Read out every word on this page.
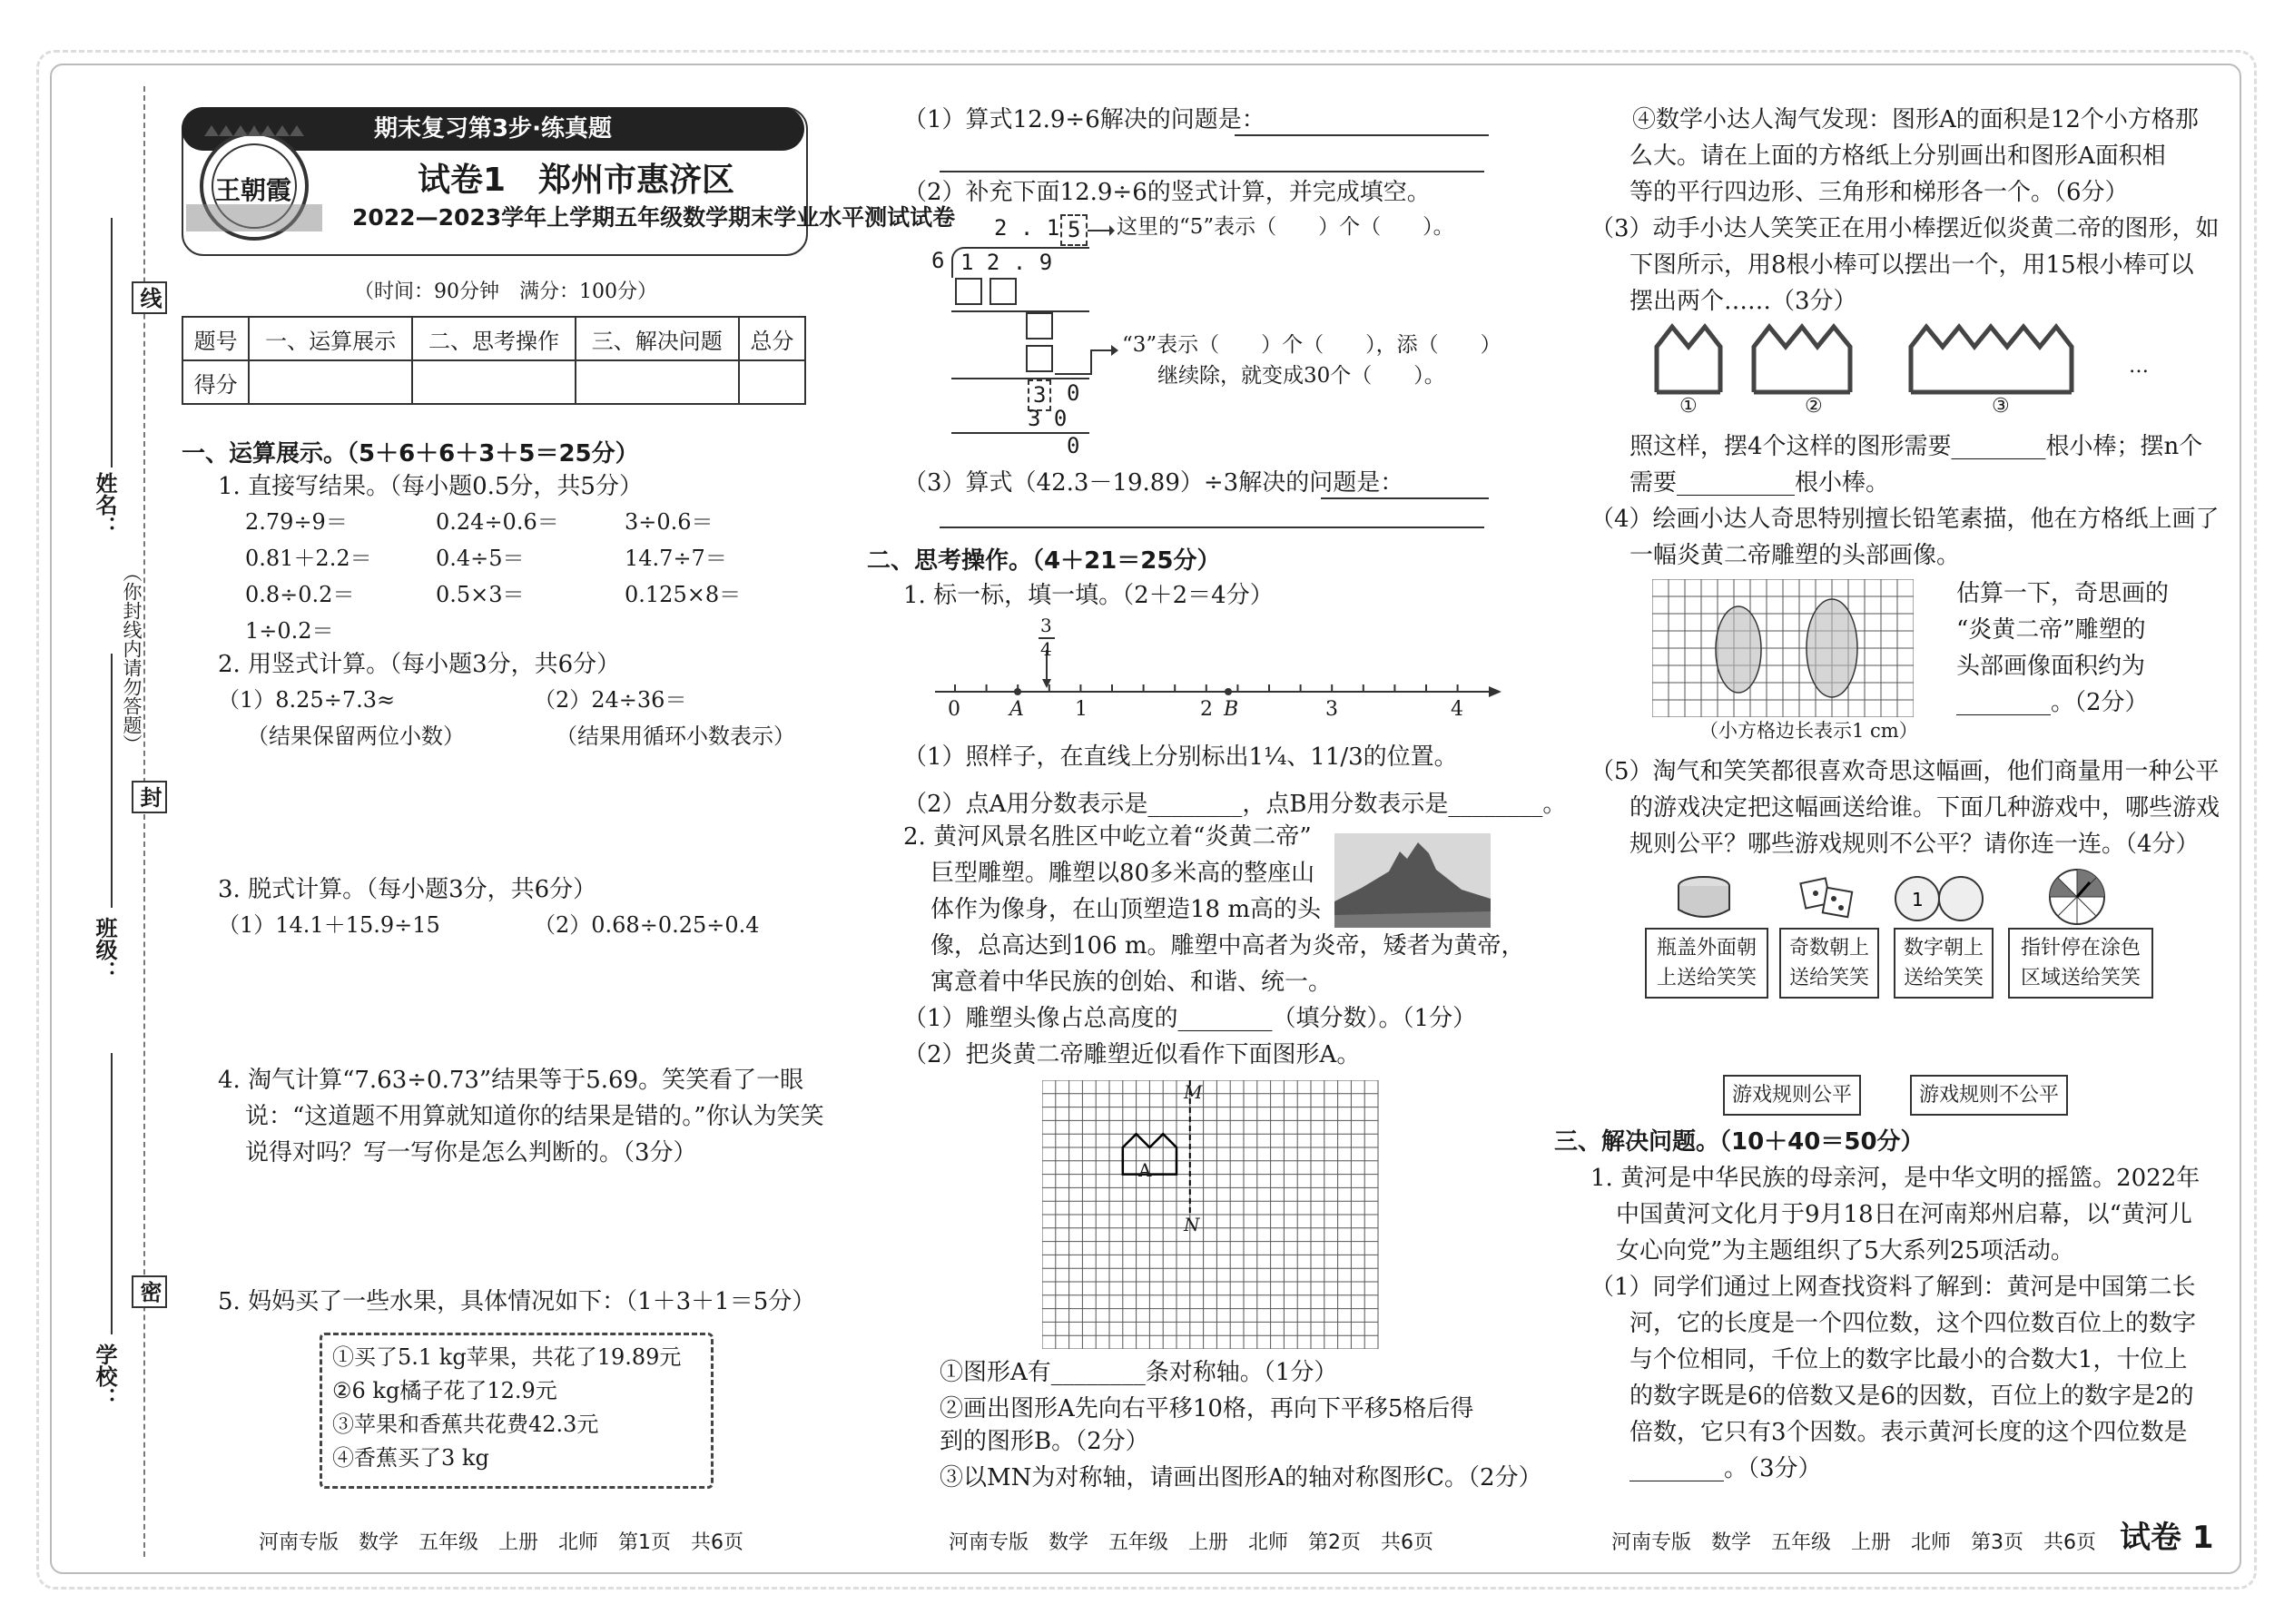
线
封
密
（你封线内请勿答题）
姓名：
班级：
学校：
期末复习第3步·练真题
王朝霞	试卷1　郑州市惠济区
2022—2023学年上学期五年级数学期末学业水平测试试卷
（时间：90分钟　满分：100分）
题号	一、运算展示	二、思考操作	三、解决问题	总分
得分				
一、运算展示。（5＋6＋6＋3＋5＝25分）
1. 直接写结果。（每小题0.5分，共5分）
2.79÷9＝	0.24÷0.6＝	3÷0.6＝
0.81＋2.2＝	0.4÷5＝	14.7÷7＝
0.8÷0.2＝	0.5×3＝	0.125×8＝
1÷0.2＝
2. 用竖式计算。（每小题3分，共6分）
（1）8.25÷7.3≈
（结果保留两位小数）
（2）24÷36＝
（结果用循环小数表示）
3. 脱式计算。（每小题3分，共6分）
（1）14.1＋15.9÷15	（2）0.68÷0.25÷0.4
4. 淘气计算“7.63÷0.73”结果等于5.69。笑笑看了一眼
说：“这道题不用算就知道你的结果是错的。”你认为笑笑
说得对吗？写一写你是怎么判断的。（3分）
5. 妈妈买了一些水果，具体情况如下：（1＋3＋1＝5分）
①买了5.1 kg苹果，共花了19.89元
②6 kg橘子花了12.9元
③苹果和香蕉共花费42.3元
④香蕉买了3 kg
河南专版　数学　五年级　上册　北师　第1页　共6页
（1）算式12.9÷6解决的问题是：
（2）补充下面12.9÷6的竖式计算，并完成填空。
2 . 1 5	这里的“5”表示（　　）个（　　）。
6 1 2 . 9
“3”表示（　　）个（　　），添（　　）
继续除，就变成30个（　　）。
3 0
3 0
0
（3）算式（42.3－19.89）÷3解决的问题是：
二、思考操作。（4＋21＝25分）
1. 标一标，填一填。（2＋2＝4分）
3
4
0 A	1	2 B	3	4
（1）照样子，在直线上分别标出1¼、11/3的位置。
（2）点A用分数表示是________，点B用分数表示是________。
2. 黄河风景名胜区中屹立着“炎黄二帝”
巨型雕塑。雕塑以80多米高的整座山
体作为像身，在山顶塑造18 m高的头
像，总高达到106 m。雕塑中高者为炎帝，矮者为黄帝，
寓意着中华民族的创始、和谐、统一。
（1）雕塑头像占总高度的________（填分数）。（1分）
（2）把炎黄二帝雕塑近似看作下面图形A。
M
N
A
①图形A有________条对称轴。（1分）
②画出图形A先向右平移10格，再向下平移5格后得
到的图形B。（2分）
③以MN为对称轴，请画出图形A的轴对称图形C。（2分）
河南专版　数学　五年级　上册　北师　第2页　共6页
④数学小达人淘气发现：图形A的面积是12个小方格那
么大。请在上面的方格纸上分别画出和图形A面积相
等的平行四边形、三角形和梯形各一个。（6分）
（3）动手小达人笑笑正在用小棒摆近似炎黄二帝的图形，如
下图所示，用8根小棒可以摆出一个，用15根小棒可以
摆出两个……（3分）
①	②	③
…
照这样，摆4个这样的图形需要________根小棒；摆n个
需要__________根小棒。
（4）绘画小达人奇思特别擅长铅笔素描，他在方格纸上画了
一幅炎黄二帝雕塑的头部画像。
（小方格边长表示1 cm）
估算一下，奇思画的
“炎黄二帝”雕塑的
头部画像面积约为
________。（2分）
（5）淘气和笑笑都很喜欢奇思这幅画，他们商量用一种公平
的游戏决定把这幅画送给谁。下面几种游戏中，哪些游戏
规则公平？哪些游戏规则不公平？请你连一连。（4分）
1
瓶盖外面朝
上送给笑笑
奇数朝上
送给笑笑
数字朝上
送给笑笑
指针停在涂色
区域送给笑笑
游戏规则公平	游戏规则不公平
三、解决问题。（10＋40＝50分）
1. 黄河是中华民族的母亲河，是中华文明的摇篮。2022年
中国黄河文化月于9月18日在河南郑州启幕，以“黄河儿
女心向党”为主题组织了5大系列25项活动。
（1）同学们通过上网查找资料了解到：黄河是中国第二长
河，它的长度是一个四位数，这个四位数百位上的数字
与个位相同，千位上的数字比最小的合数大1，十位上
的数字既是6的倍数又是6的因数，百位上的数字是2的
倍数，它只有3个因数。表示黄河长度的这个四位数是
________。（3分）
河南专版　数学　五年级　上册　北师　第3页　共6页 试卷 1
